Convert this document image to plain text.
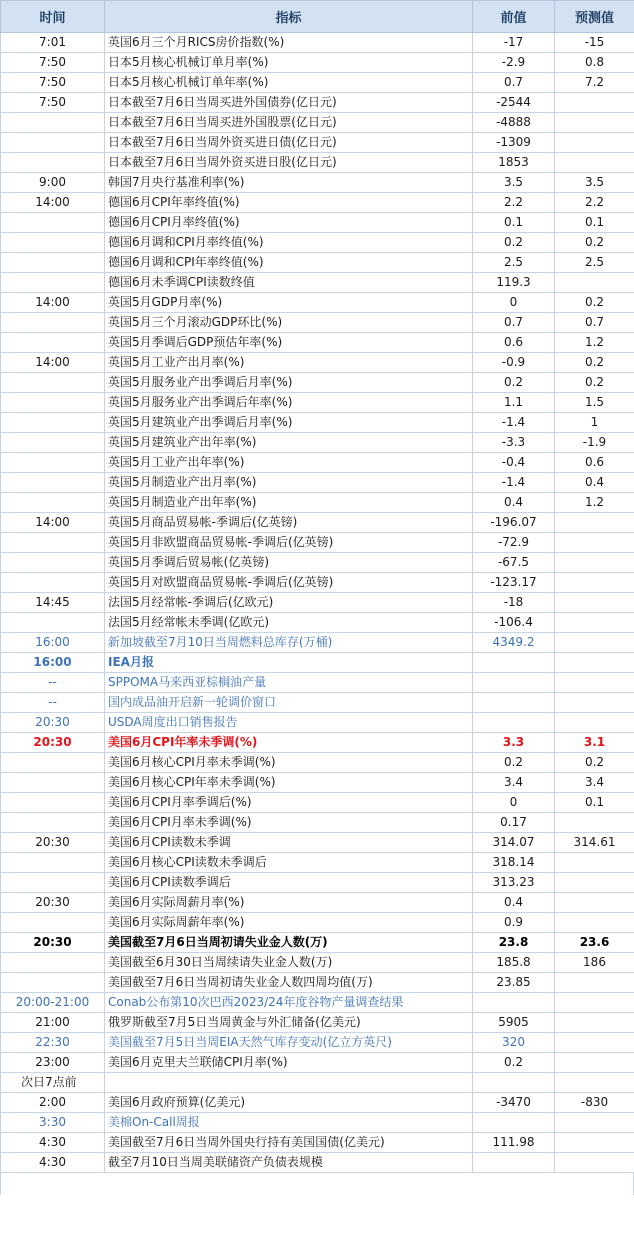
时间	指标	前值	预测值
7:01	英国6月三个月RICS房价指数(%)	-17	-15
7:50	日本5月核心机械订单月率(%)	-2.9	0.8
7:50	日本5月核心机械订单年率(%)	0.7	7.2
7:50	日本截至7月6日当周买进外国债券(亿日元)	-2544	
	日本截至7月6日当周买进外国股票(亿日元)	-4888	
	日本截至7月6日当周外资买进日债(亿日元)	-1309	
	日本截至7月6日当周外资买进日股(亿日元)	1853	
9:00	韩国7月央行基准利率(%)	3.5	3.5
14:00	德国6月CPI年率终值(%)	2.2	2.2
	德国6月CPI月率终值(%)	0.1	0.1
	德国6月调和CPI月率终值(%)	0.2	0.2
	德国6月调和CPI年率终值(%)	2.5	2.5
	德国6月未季调CPI读数终值	119.3	
14:00	英国5月GDP月率(%)	0	0.2
	英国5月三个月滚动GDP环比(%)	0.7	0.7
	英国5月季调后GDP预估年率(%)	0.6	1.2
14:00	英国5月工业产出月率(%)	-0.9	0.2
	英国5月服务业产出季调后月率(%)	0.2	0.2
	英国5月服务业产出季调后年率(%)	1.1	1.5
	英国5月建筑业产出季调后月率(%)	-1.4	1
	英国5月建筑业产出年率(%)	-3.3	-1.9
	英国5月工业产出年率(%)	-0.4	0.6
	英国5月制造业产出月率(%)	-1.4	0.4
	英国5月制造业产出年率(%)	0.4	1.2
14:00	英国5月商品贸易帐-季调后(亿英镑)	-196.07	
	英国5月非欧盟商品贸易帐-季调后(亿英镑)	-72.9	
	英国5月季调后贸易帐(亿英镑)	-67.5	
	英国5月对欧盟商品贸易帐-季调后(亿英镑)	-123.17	
14:45	法国5月经常帐-季调后(亿欧元)	-18	
	法国5月经常帐未季调(亿欧元)	-106.4	
16:00	新加坡截至7月10日当周燃料总库存(万桶)	4349.2	
16:00	IEA月报		
--	SPPOMA马来西亚棕榈油产量		
--	国内成品油开启新一轮调价窗口		
20:30	USDA周度出口销售报告		
20:30	美国6月CPI年率未季调(%)	3.3	3.1
	美国6月核心CPI月率未季调(%)	0.2	0.2
	美国6月核心CPI年率未季调(%)	3.4	3.4
	美国6月CPI月率季调后(%)	0	0.1
	美国6月CPI月率未季调(%)	0.17	
20:30	美国6月CPI读数未季调	314.07	314.61
	美国6月核心CPI读数未季调后	318.14	
	美国6月CPI读数季调后	313.23	
20:30	美国6月实际周薪月率(%)	0.4	
	美国6月实际周薪年率(%)	0.9	
20:30	美国截至7月6日当周初请失业金人数(万)	23.8	23.6
	美国截至6月30日当周续请失业金人数(万)	185.8	186
	美国截至7月6日当周初请失业金人数四周均值(万)	23.85	
20:00-21:00	Conab公布第10次巴西2023/24年度谷物产量调查结果		
21:00	俄罗斯截至7月5日当周黄金与外汇储备(亿美元)	5905	
22:30	美国截至7月5日当周EIA天然气库存变动(亿立方英尺)	320	
23:00	美国6月克里夫兰联储CPI月率(%)	0.2	
次日7点前			
2:00	美国6月政府预算(亿美元)	-3470	-830
3:30	美棉On-Call周报		
4:30	美国截至7月6日当周外国央行持有美国国债(亿美元)	111.98	
4:30	截至7月10日当周美联储资产负债表规模		
